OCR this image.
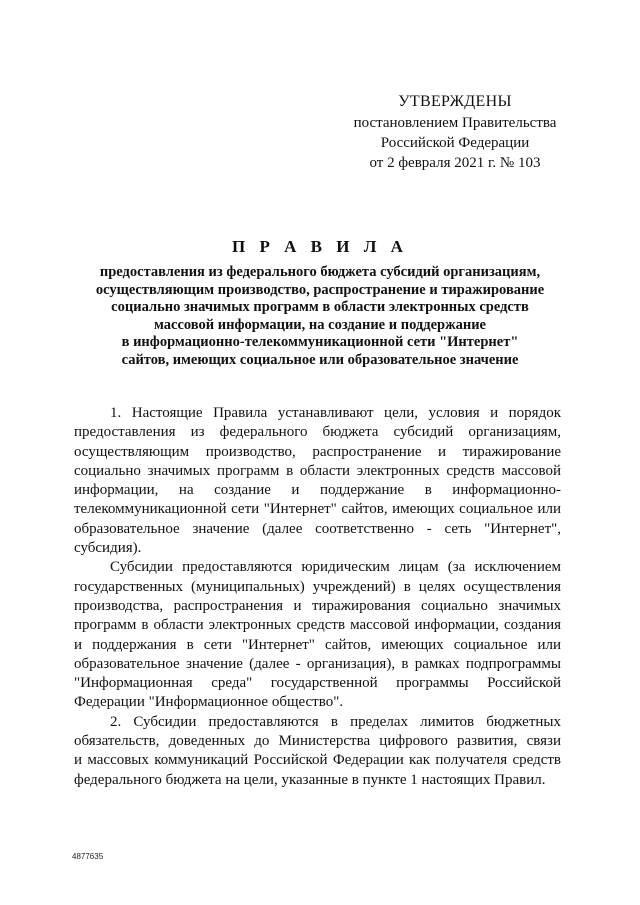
УТВЕРЖДЕНЫ
постановлением Правительства
Российской Федерации
от 2 февраля 2021 г. № 103
П Р А В И Л А
предоставления из федерального бюджета субсидий организациям,
осуществляющим производство, распространение и тиражирование
социально значимых программ в области электронных средств
массовой информации, на создание и поддержание
в информационно-телекоммуникационной сети "Интернет"
сайтов, имеющих социальное или образовательное значение
1. Настоящие Правила устанавливают цели, условия и порядок
предоставления из федерального бюджета субсидий организациям,
осуществляющим производство, распространение и тиражирование
социально значимых программ в области электронных средств массовой
информации, на создание и поддержание в информационно-
телекоммуникационной сети "Интернет" сайтов, имеющих социальное или
образовательное значение (далее соответственно - сеть "Интернет",
субсидия).
Субсидии предоставляются юридическим лицам (за исключением
государственных (муниципальных) учреждений) в целях осуществления
производства, распространения и тиражирования социально значимых
программ в области электронных средств массовой информации, создания
и поддержания в сети "Интернет" сайтов, имеющих социальное или
образовательное значение (далее - организация), в рамках подпрограммы
"Информационная среда" государственной программы Российской
Федерации "Информационное общество".
2. Субсидии предоставляются в пределах лимитов бюджетных
обязательств, доведенных до Министерства цифрового развития, связи
и массовых коммуникаций Российской Федерации как получателя средств
федерального бюджета на цели, указанные в пункте 1 настоящих Правил.
4877635
